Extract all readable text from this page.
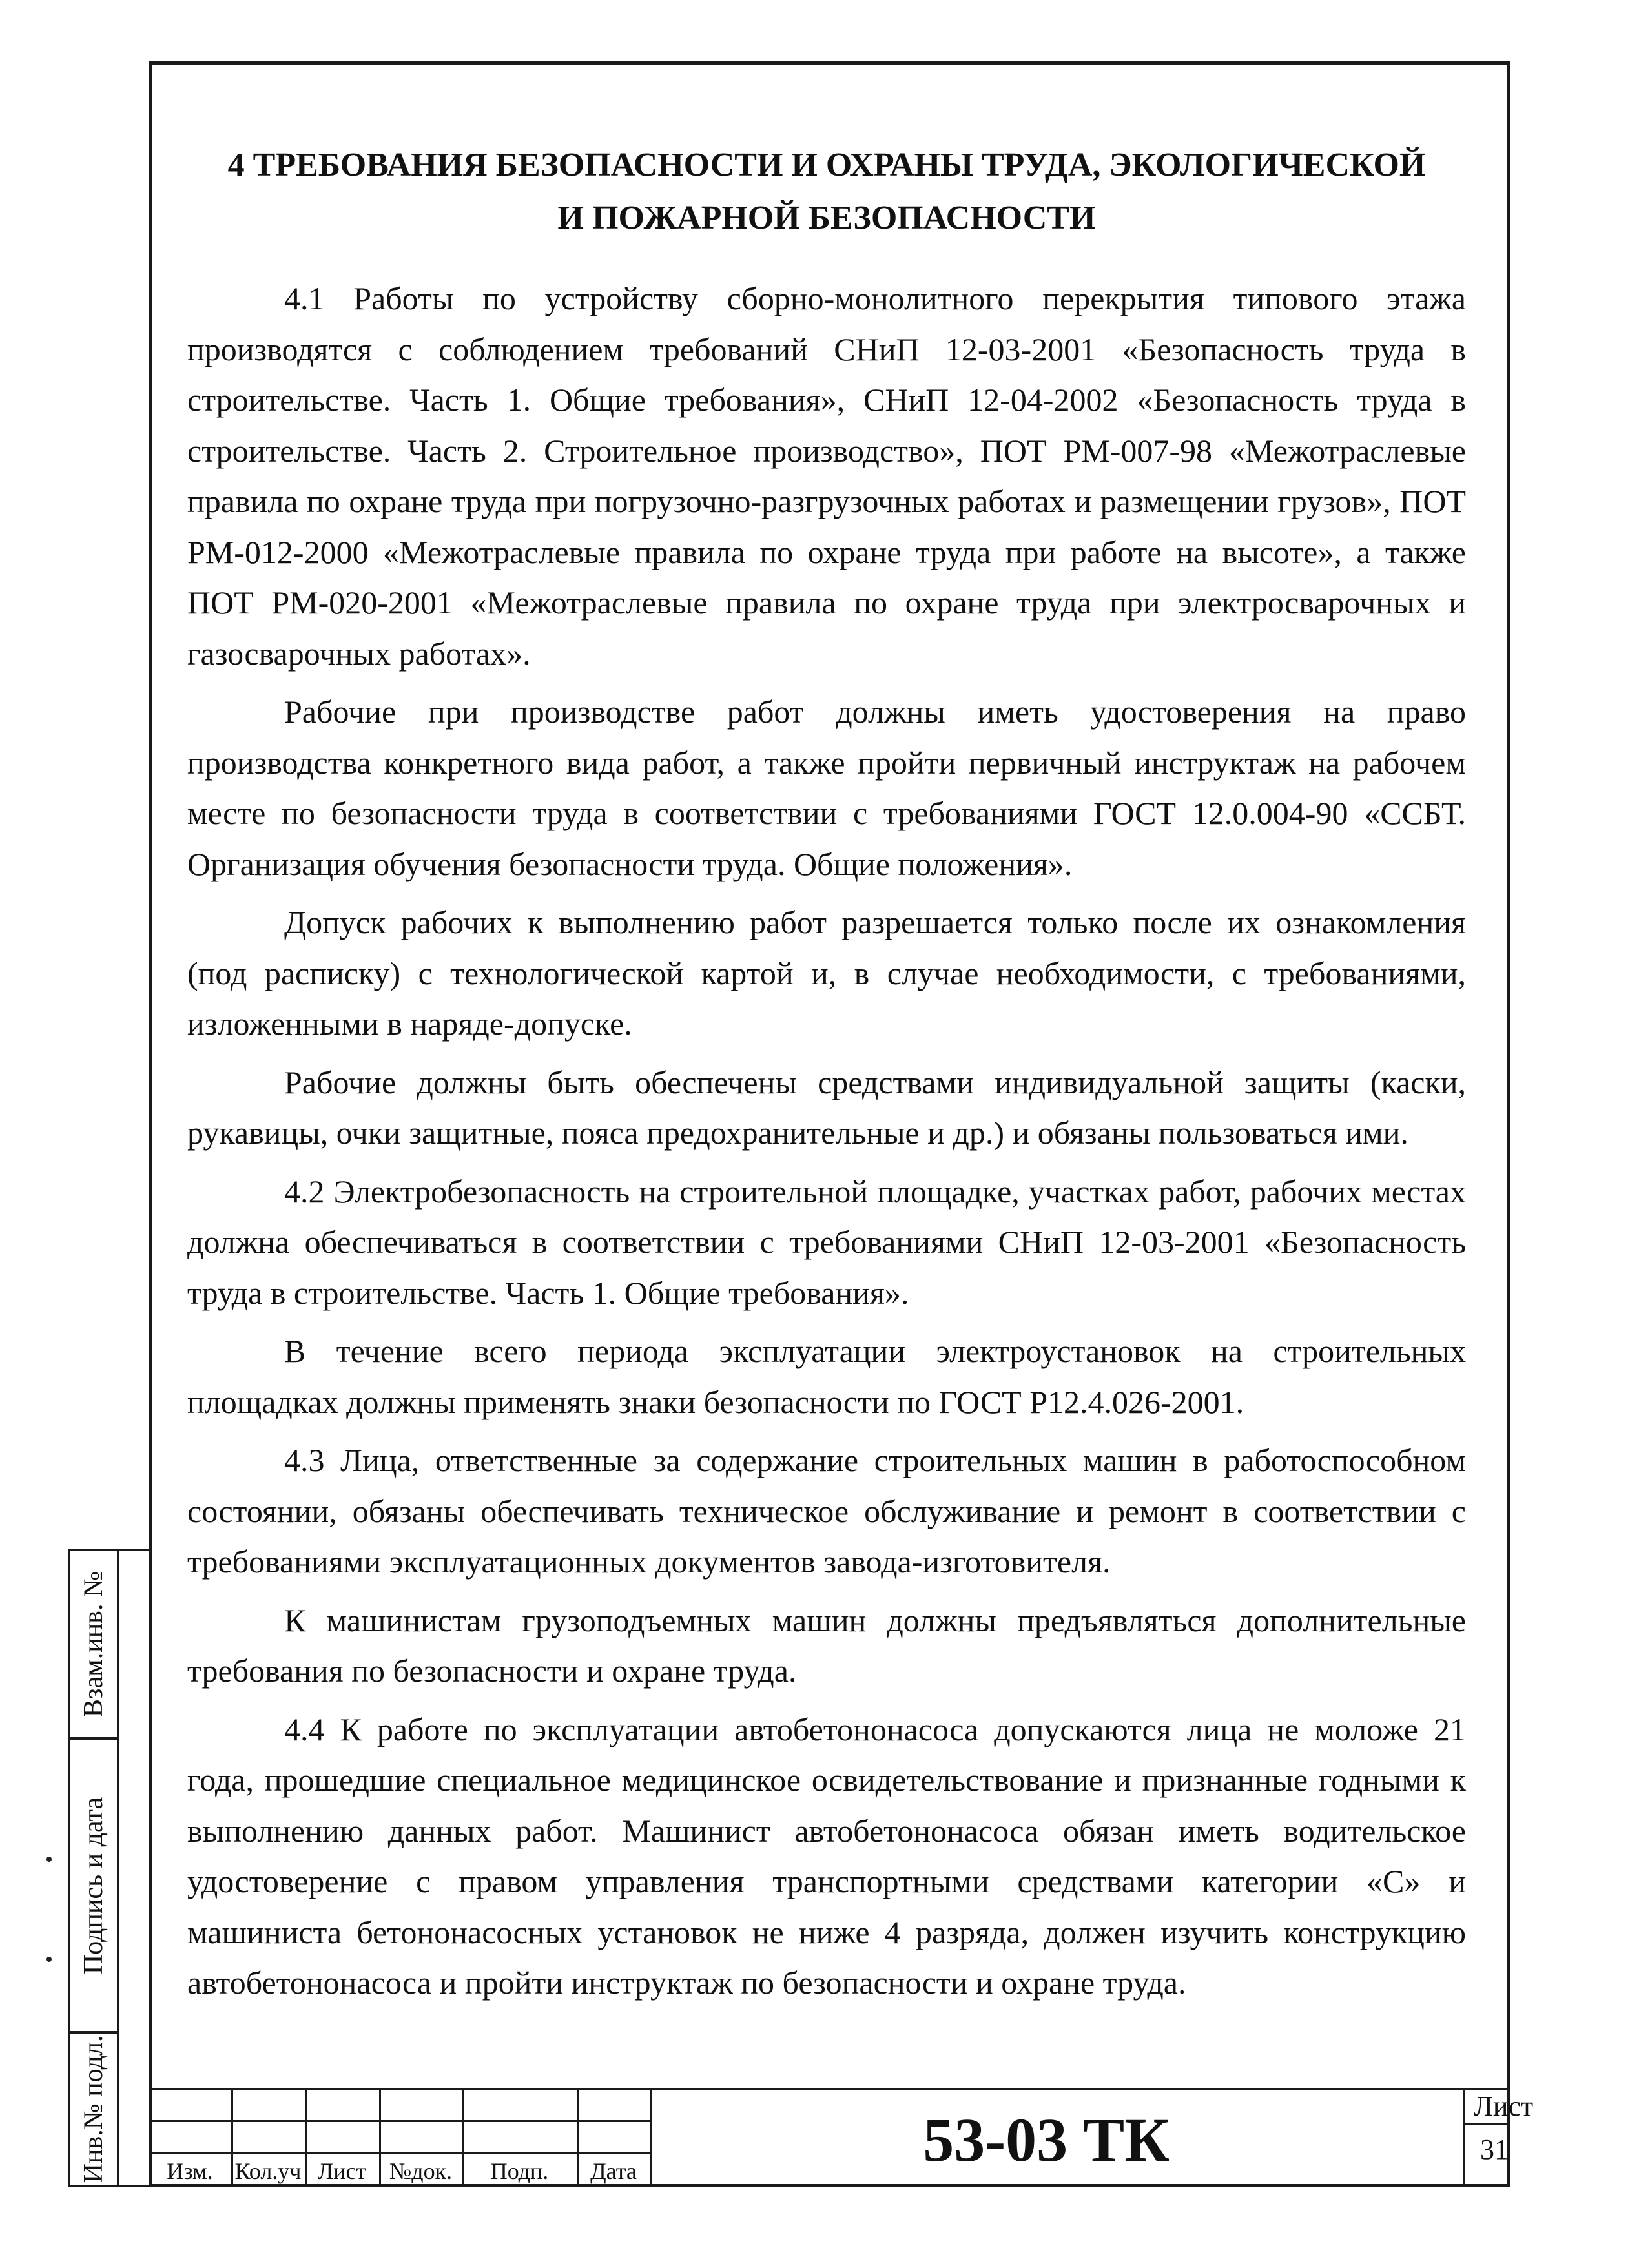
4 ТРЕБОВАНИЯ БЕЗОПАСНОСТИ И ОХРАНЫ ТРУДА, ЭКОЛОГИЧЕСКОЙ
И ПОЖАРНОЙ БЕЗОПАСНОСТИ

4.1 Работы по устройству сборно-монолитного перекрытия типового этажа производятся с соблюдением требований СНиП 12-03-2001 «Безопасность труда в строительстве. Часть 1. Общие требования», СНиП 12-04-2002 «Безопасность труда в строительстве. Часть 2. Строительное производство», ПОТ РМ-007-98 «Межотраслевые правила по охране труда при погрузочно-разгрузочных работах и размещении грузов», ПОТ РМ-012-2000 «Межотраслевые правила по охране труда при работе на высоте», а также ПОТ РМ-020-2001 «Межотраслевые правила по охране труда при электросварочных и газосварочных работах».

Рабочие при производстве работ должны иметь удостоверения на право производства конкретного вида работ, а также пройти первичный инструктаж на рабочем месте по безопасности труда в соответствии с требованиями ГОСТ 12.0.004-90 «ССБТ. Организация обучения безопасности труда. Общие положения».

Допуск рабочих к выполнению работ разрешается только после их ознакомления (под расписку) с технологической картой и, в случае необходимости, с требованиями, изложенными в наряде-допуске.

Рабочие должны быть обеспечены средствами индивидуальной защиты (каски, рукавицы, очки защитные, пояса предохранительные и др.) и обязаны пользоваться ими.

4.2 Электробезопасность на строительной площадке, участках работ, рабочих местах должна обеспечиваться в соответствии с требованиями СНиП 12-03-2001 «Безопасность труда в строительстве. Часть 1. Общие требования».

В течение всего периода эксплуатации электроустановок на строительных площадках должны применять знаки безопасности по ГОСТ Р12.4.026-2001.

4.3 Лица, ответственные за содержание строительных машин в работоспособном состоянии, обязаны обеспечивать техническое обслуживание и ремонт в соответствии с требованиями эксплуатационных документов завода-изготовителя.

К машинистам грузоподъемных машин должны предъявляться дополнительные требования по безопасности и охране труда.

4.4 К работе по эксплуатации автобетононасоса допускаются лица не моложе 21 года, прошедшие специальное медицинское освидетельствование и признанные годными к выполнению данных работ. Машинист автобетононасоса обязан иметь водительское удостоверение с правом управления транспортными средствами категории «С» и машиниста бетононасосных установок не ниже 4 разряда, должен изучить конструкцию автобетононасоса и пройти инструктаж по безопасности и охране труда.

Взам.инв. №
Подпись и дата
Инв.№ подл.	Изм. Кол.уч Лист №док.	Подп.	Дата	53-03 ТК	Лист
31
